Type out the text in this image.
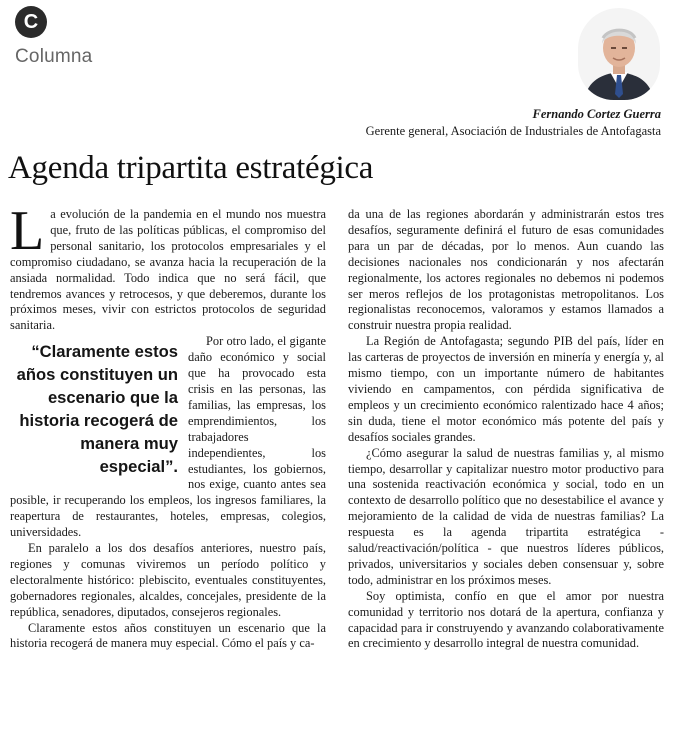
C
Columna
Fernando Cortez Guerra
Gerente general, Asociación de Industriales de Antofagasta
Agenda tripartita estratégica

La evolución de la pandemia en el mundo nos muestra que, fruto de las políticas públicas, el compromiso del personal sanitario, los protocolos empresariales y el compromiso ciudadano, se avanza hacia la recuperación de la ansiada normalidad. Todo indica que no será fácil, que tendremos avances y retrocesos, y que deberemos, durante los próximos meses, vivir con estrictos protocolos de seguridad sanitaria.

“Claramente estos años constituyen un escenario que la historia recogerá de manera muy especial”.

Por otro lado, el gigante daño económico y social que ha provocado esta crisis en las personas, las familias, las empresas, los emprendimientos, los trabajadores independientes, los estudiantes, los gobiernos, nos exige, cuanto antes sea posible, ir recuperando los empleos, los ingresos familiares, la reapertura de restaurantes, hoteles, empresas, colegios, universidades.

En paralelo a los dos desafíos anteriores, nuestro país, regiones y comunas viviremos un período político y electoralmente histórico: plebiscito, eventuales constituyentes, gobernadores regionales, alcaldes, concejales, presidente de la república, senadores, diputados, consejeros regionales.

Claramente estos años constituyen un escenario que la historia recogerá de manera muy especial. Cómo el país y ca-

da una de las regiones abordarán y administrarán estos tres desafíos, seguramente definirá el futuro de esas comunidades para un par de décadas, por lo menos. Aun cuando las decisiones nacionales nos condicionarán y nos afectarán regionalmente, los actores regionales no debemos ni podemos ser meros reflejos de los protagonistas metropolitanos. Los regionalistas reconocemos, valoramos y estamos llamados a construir nuestra propia realidad.

La Región de Antofagasta; segundo PIB del país, líder en las carteras de proyectos de inversión en minería y energía y, al mismo tiempo, con un importante número de habitantes viviendo en campamentos, con pérdida significativa de empleos y un crecimiento económico ralentizado hace 4 años; sin duda, tiene el motor económico más potente del país y desafíos sociales grandes.

¿Cómo asegurar la salud de nuestras familias y, al mismo tiempo, desarrollar y capitalizar nuestro motor productivo para una sostenida reactivación económica y social, todo en un contexto de desarrollo político que no desestabilice el avance y mejoramiento de la calidad de vida de nuestras familias? La respuesta es la agenda tripartita estratégica -salud/reactivación/política - que nuestros líderes públicos, privados, universitarios y sociales deben consensuar y, sobre todo, administrar en los próximos meses.

Soy optimista, confío en que el amor por nuestra comunidad y territorio nos dotará de la apertura, confianza y capacidad para ir construyendo y avanzando colaborativamente en crecimiento y desarrollo integral de nuestra comunidad.
